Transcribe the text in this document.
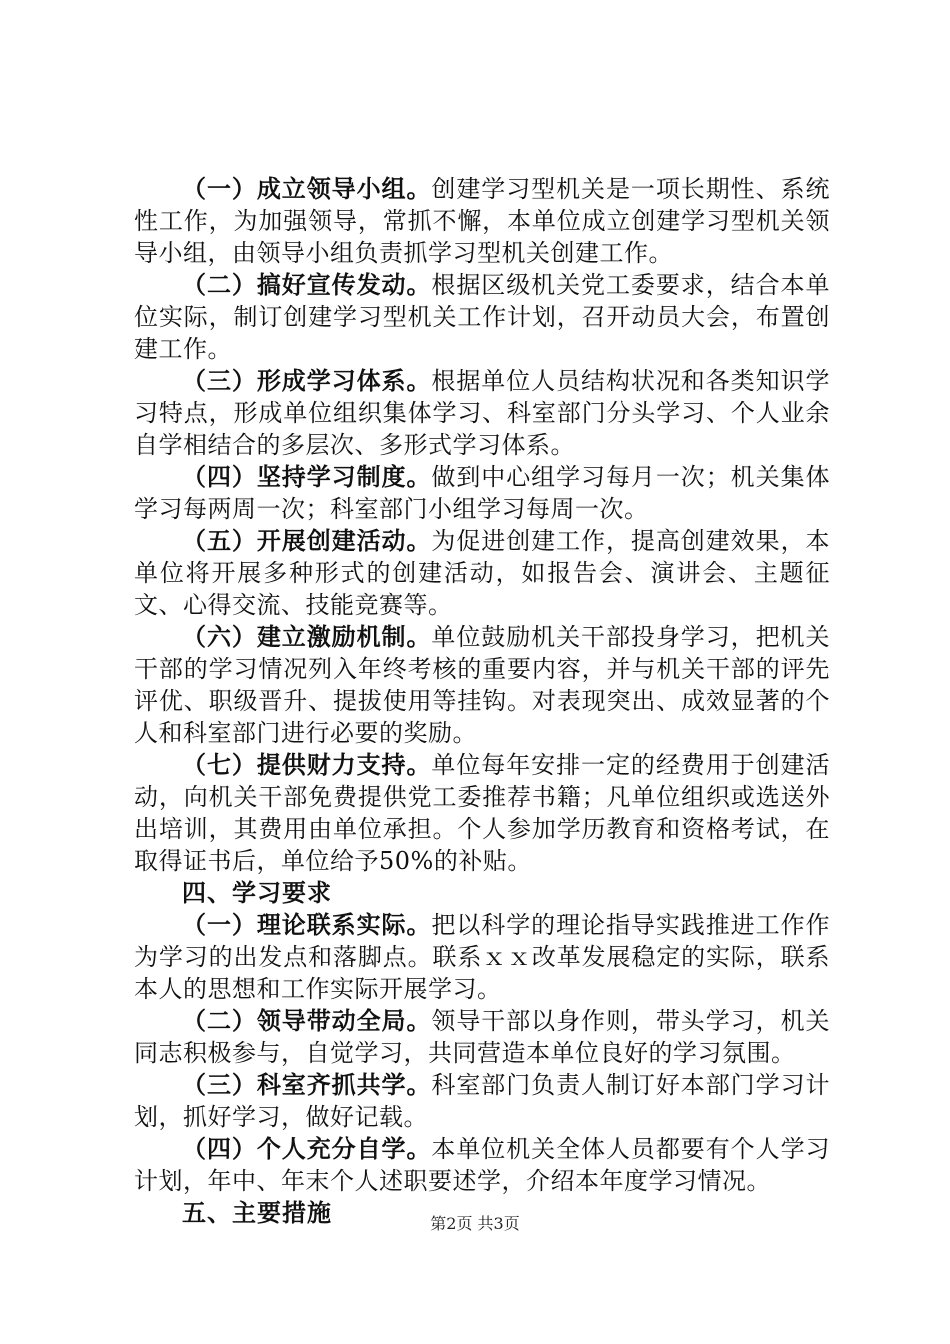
（一）成立领导小组。创建学习型机关是一项长期性、系统性工作，为加强领导，常抓不懈，本单位成立创建学习型机关领导小组，由领导小组负责抓学习型机关创建工作。

（二）搞好宣传发动。根据区级机关党工委要求，结合本单位实际，制订创建学习型机关工作计划，召开动员大会，布置创建工作。

（三）形成学习体系。根据单位人员结构状况和各类知识学习特点，形成单位组织集体学习、科室部门分头学习、个人业余自学相结合的多层次、多形式学习体系。

（四）坚持学习制度。做到中心组学习每月一次；机关集体学习每两周一次；科室部门小组学习每周一次。

（五）开展创建活动。为促进创建工作，提高创建效果，本单位将开展多种形式的创建活动，如报告会、演讲会、主题征文、心得交流、技能竞赛等。

（六）建立激励机制。单位鼓励机关干部投身学习，把机关干部的学习情况列入年终考核的重要内容，并与机关干部的评先评优、职级晋升、提拔使用等挂钩。对表现突出、成效显著的个人和科室部门进行必要的奖励。

（七）提供财力支持。单位每年安排一定的经费用于创建活动，向机关干部免费提供党工委推荐书籍；凡单位组织或选送外出培训，其费用由单位承担。个人参加学历教育和资格考试，在取得证书后，单位给予50%的补贴。

四、学习要求

（一）理论联系实际。把以科学的理论指导实践推进工作作为学习的出发点和落脚点。联系ｘｘ改革发展稳定的实际，联系本人的思想和工作实际开展学习。

（二）领导带动全局。领导干部以身作则，带头学习，机关同志积极参与，自觉学习，共同营造本单位良好的学习氛围。

（三）科室齐抓共学。科室部门负责人制订好本部门学习计划，抓好学习，做好记载。

（四）个人充分自学。本单位机关全体人员都要有个人学习计划，年中、年末个人述职要述学，介绍本年度学习情况。

五、主要措施	第2页 共3页
